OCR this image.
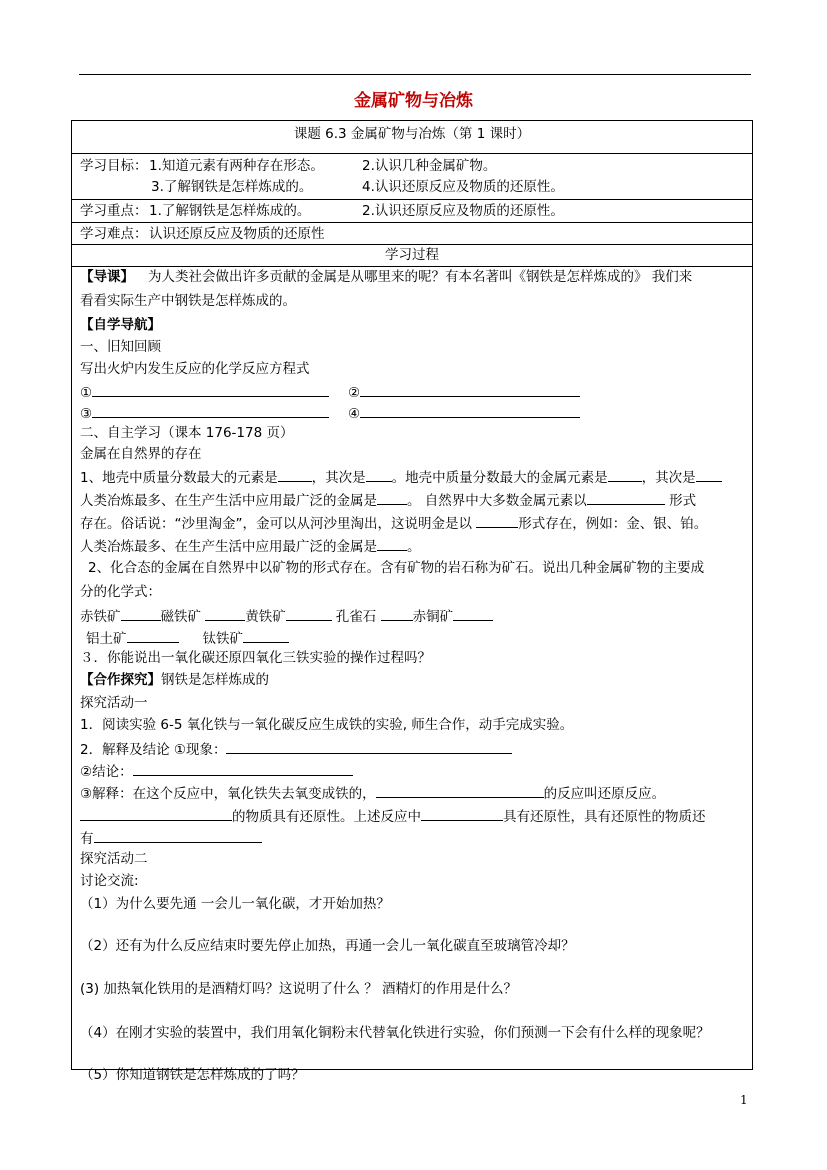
金属矿物与冶炼
课题 6.3 金属矿物与冶炼（第 1 课时）
学习目标： 1.知道元素有两种存在形态。	2.认识几种金属矿物。
3.了解钢铁是怎样炼成的。	4.认识还原反应及物质的还原性。
学习重点： 1.了解钢铁是怎样炼成的。	2.认识还原反应及物质的还原性。
学习难点： 认识还原反应及物质的还原性
学习过程
【导课】 为人类社会做出许多贡献的金属是从哪里来的呢？有本名著叫《钢铁是怎样炼成的》 我们来
看看实际生产中钢铁是怎样炼成的。
【自学导航】
一、旧知回顾
写出火炉内发生反应的化学反应方程式
①	②
③	④
二、自主学习（课本 176-178 页）
金属在自然界的存在
1、地壳中质量分数最大的元素是	，其次是 。地壳中质量分数最大的金属元素是	，其次是
人类冶炼最多、在生产生活中应用最广泛的金属是 。 自然界中大多数金属元素以	形式
存在。俗话说：“沙里淘金”，金可以从河沙里淘出，这说明金是以	形式存在，例如：金、银、铂。
人类冶炼最多、在生产生活中应用最广泛的金属是 。
2、化合态的金属在自然界中以矿物的形式存在。含有矿物的岩石称为矿石。说出几种金属矿物的主要成
分的化学式：
赤铁矿	磁铁矿	黄铁矿	孔雀石 赤铜矿
铝土矿	钛铁矿
３．你能说出一氧化碳还原四氧化三铁实验的操作过程吗？
【合作探究】钢铁是怎样炼成的
探究活动一
1．阅读实验 6-5 氧化铁与一氧化碳反应生成铁的实验, 师生合作，动手完成实验。
2．解释及结论 ①现象：
②结论：
③解释：在这个反应中，氧化铁失去氧变成铁的，	的反应叫还原反应。
的物质具有还原性。上述反应中	具有还原性，具有还原性的物质还
有
探究活动二
讨论交流:
（1）为什么要先通 一会儿一氧化碳，才开始加热？
（2）还有为什么反应结束时要先停止加热，再通一会儿一氧化碳直至玻璃管冷却？
(3) 加热氧化铁用的是酒精灯吗？这说明了什么 ？ 酒精灯的作用是什么？
（4）在刚才实验的装置中，我们用氧化铜粉末代替氧化铁进行实验，你们预测一下会有什么样的现象呢？
（5）你知道钢铁是怎样炼成的了吗？
1
